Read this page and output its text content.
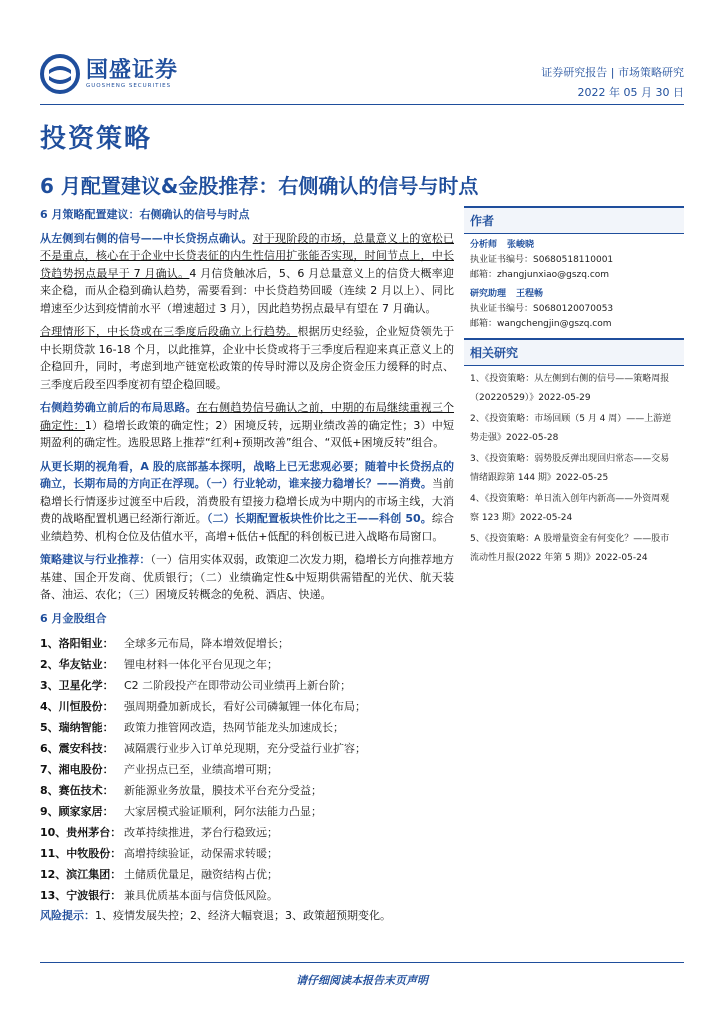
国盛证券
GUOSHENG SECURITIES
证券研究报告 | 市场策略研究
2022 年 05 月 30 日
投资策略
6 月配置建议&金股推荐：右侧确认的信号与时点
6 月策略配置建议：右侧确认的信号与时点
从左侧到右侧的信号——中长贷拐点确认。对于现阶段的市场，总量意义上的宽松已不是重点，核心在于企业中长贷表征的内生性信用扩张能否实现，时间节点上，中长贷趋势拐点最早于 7 月确认。4 月信贷触冰后，5、6 月总量意义上的信贷大概率迎来企稳，而从企稳到确认趋势，需要看到：中长贷趋势回暖（连续 2 月以上）、同比增速至少达到疫情前水平（增速超过 3 月），因此趋势拐点最早有望在 7 月确认。
合理情形下，中长贷或在三季度后段确立上行趋势。根据历史经验，企业短贷领先于中长期贷款 16-18 个月，以此推算，企业中长贷或将于三季度后程迎来真正意义上的企稳回升，同时，考虑到地产链宽松政策的传导时滞以及房企资金压力缓释的时点、三季度后段至四季度初有望企稳回暖。
右侧趋势确立前后的布局思路。在右侧趋势信号确认之前，中期的布局继续重视三个确定性：1）稳增长政策的确定性；2）困境反转，远期业绩改善的确定性；3）中短期盈利的确定性。选股思路上推荐“红利+预期改善”组合、“双低+困境反转”组合。
从更长期的视角看，A 股的底部基本探明，战略上已无悲观必要；随着中长贷拐点的确立，长期布局的方向正在浮现。（一）行业轮动，谁来接力稳增长？——消费。当前稳增长行情逐步过渡至中后段，消费股有望接力稳增长成为中期内的市场主线，大消费的战略配置机遇已经渐行渐近。（二）长期配置板块性价比之王——科创 50。综合业绩趋势、机构仓位及估值水平，高增+低估+低配的科创板已进入战略布局窗口。
策略建议与行业推荐：（一）信用实体双弱，政策迎二次发力期，稳增长方向推荐地方基建、国企开发商、优质银行；（二）业绩确定性&中短期供需错配的光伏、航天装备、油运、农化；（三）困境反转概念的免税、酒店、快递。
6 月金股组合
1、洛阳钼业： 全球多元布局，降本增效促增长；
2、华友钴业： 锂电材料一体化平台见现之年；
3、卫星化学： C2 二阶段投产在即带动公司业绩再上新台阶；
4、川恒股份： 强周期叠加新成长，看好公司磷氟锂一体化布局；
5、瑞纳智能： 政策力推管网改造，热网节能龙头加速成长；
6、震安科技： 减隔震行业步入订单兑现期，充分受益行业扩容；
7、湘电股份： 产业拐点已至，业绩高增可期；
8、赛伍技术： 新能源业务放量，膜技术平台充分受益；
9、顾家家居： 大家居模式验证顺利，阿尔法能力凸显；
10、贵州茅台： 改革持续推进，茅台行稳致远；
11、中牧股份： 高增持续验证，动保需求转暖；
12、滨江集团： 土储质优量足，融资结构占优；
13、宁波银行： 兼具优质基本面与信贷低风险。
风险提示：1、疫情发展失控；2、经济大幅衰退；3、政策超预期变化。
作者
分析师 张峻晓
执业证书编号：S0680518110001
邮箱：zhangjunxiao@gszq.com
研究助理 王程畅
执业证书编号：S0680120070053
邮箱：wangchengjin@gszq.com
相关研究
1、《投资策略：从左侧到右侧的信号——策略周报（20220529）》2022-05-29
2、《投资策略：市场回顾（5 月 4 周）——上游逆势走强》2022-05-28
3、《投资策略：弱势股反弹出现回归常态——交易情绪跟踪第 144 期》2022-05-25
4、《投资策略：单日流入创年内新高——外资周观察 123 期》2022-05-24
5、《投资策略：A 股增量资金有何变化？——股市流动性月报(2022 年第 5 期)》2022-05-24
请仔细阅读本报告末页声明
